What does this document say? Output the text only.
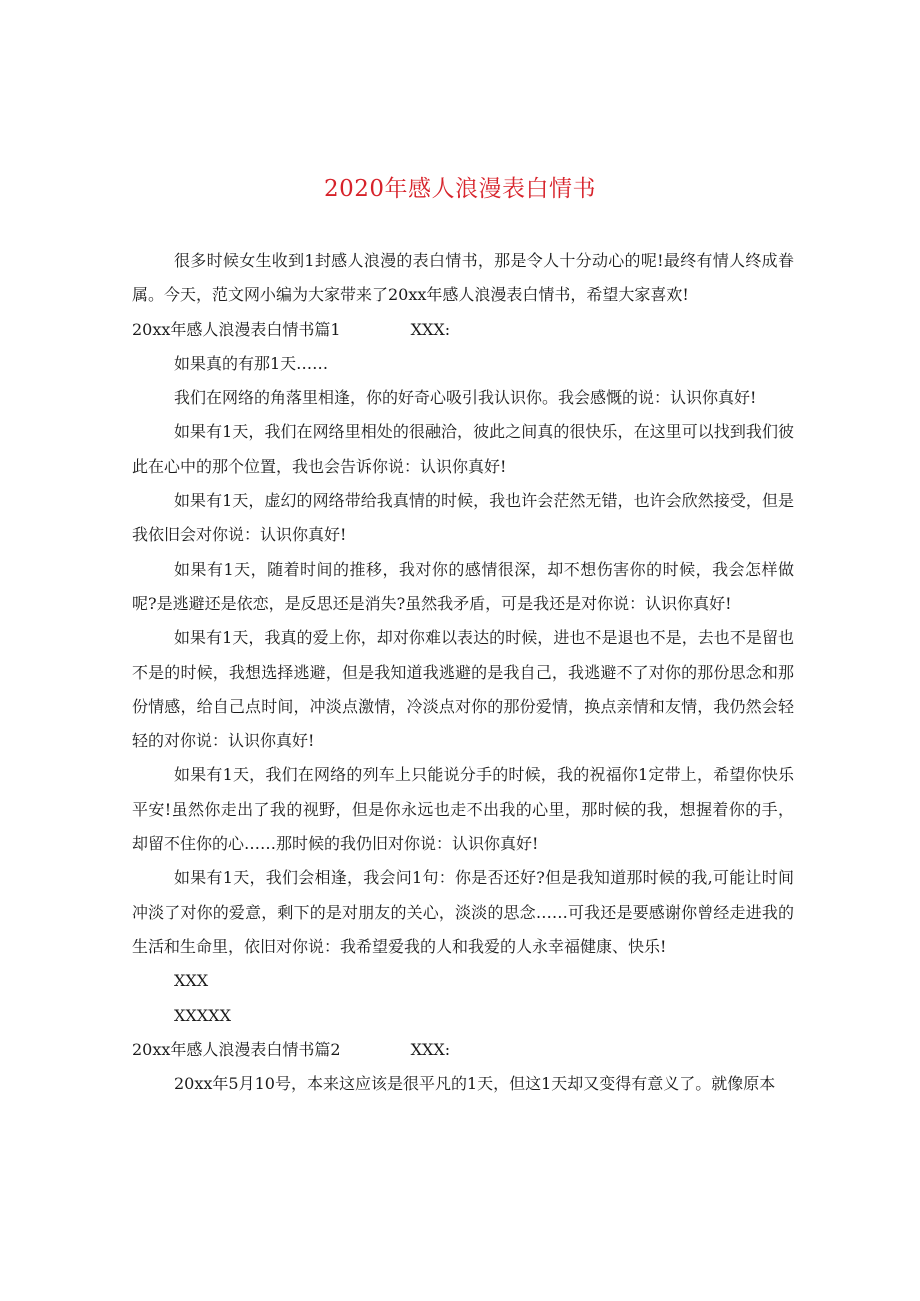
2020年感人浪漫表白情书

很多时候女生收到1封感人浪漫的表白情书，那是令人十分动心的呢!最终有情人终成眷属。今天，范文网小编为大家带来了20xx年感人浪漫表白情书，希望大家喜欢!

20xx年感人浪漫表白情书篇1	XXX:

如果真的有那1天……

我们在网络的角落里相逢，你的好奇心吸引我认识你。我会感慨的说：认识你真好!

如果有1天，我们在网络里相处的很融洽，彼此之间真的很快乐，在这里可以找到我们彼此在心中的那个位置，我也会告诉你说：认识你真好!

如果有1天，虚幻的网络带给我真情的时候，我也许会茫然无错，也许会欣然接受，但是我依旧会对你说：认识你真好!

如果有1天，随着时间的推移，我对你的感情很深，却不想伤害你的时候，我会怎样做呢?是逃避还是依恋，是反思还是消失?虽然我矛盾，可是我还是对你说：认识你真好!

如果有1天，我真的爱上你，却对你难以表达的时候，进也不是退也不是，去也不是留也不是的时候，我想选择逃避，但是我知道我逃避的是我自己，我逃避不了对你的那份思念和那份情感，给自己点时间，冲淡点激情，冷淡点对你的那份爱情，换点亲情和友情，我仍然会轻轻的对你说：认识你真好!

如果有1天，我们在网络的列车上只能说分手的时候，我的祝福你1定带上，希望你快乐平安!虽然你走出了我的视野，但是你永远也走不出我的心里，那时候的我，想握着你的手，却留不住你的心……那时候的我仍旧对你说：认识你真好!

如果有1天，我们会相逢，我会问1句：你是否还好?但是我知道那时候的我,可能让时间冲淡了对你的爱意，剩下的是对朋友的关心，淡淡的思念……可我还是要感谢你曾经走进我的生活和生命里，依旧对你说：我希望爱我的人和我爱的人永幸福健康、快乐!

XXX

XXXXX

20xx年感人浪漫表白情书篇2	XXX:

20xx年5月10号，本来这应该是很平凡的1天，但这1天却又变得有意义了。就像原本
